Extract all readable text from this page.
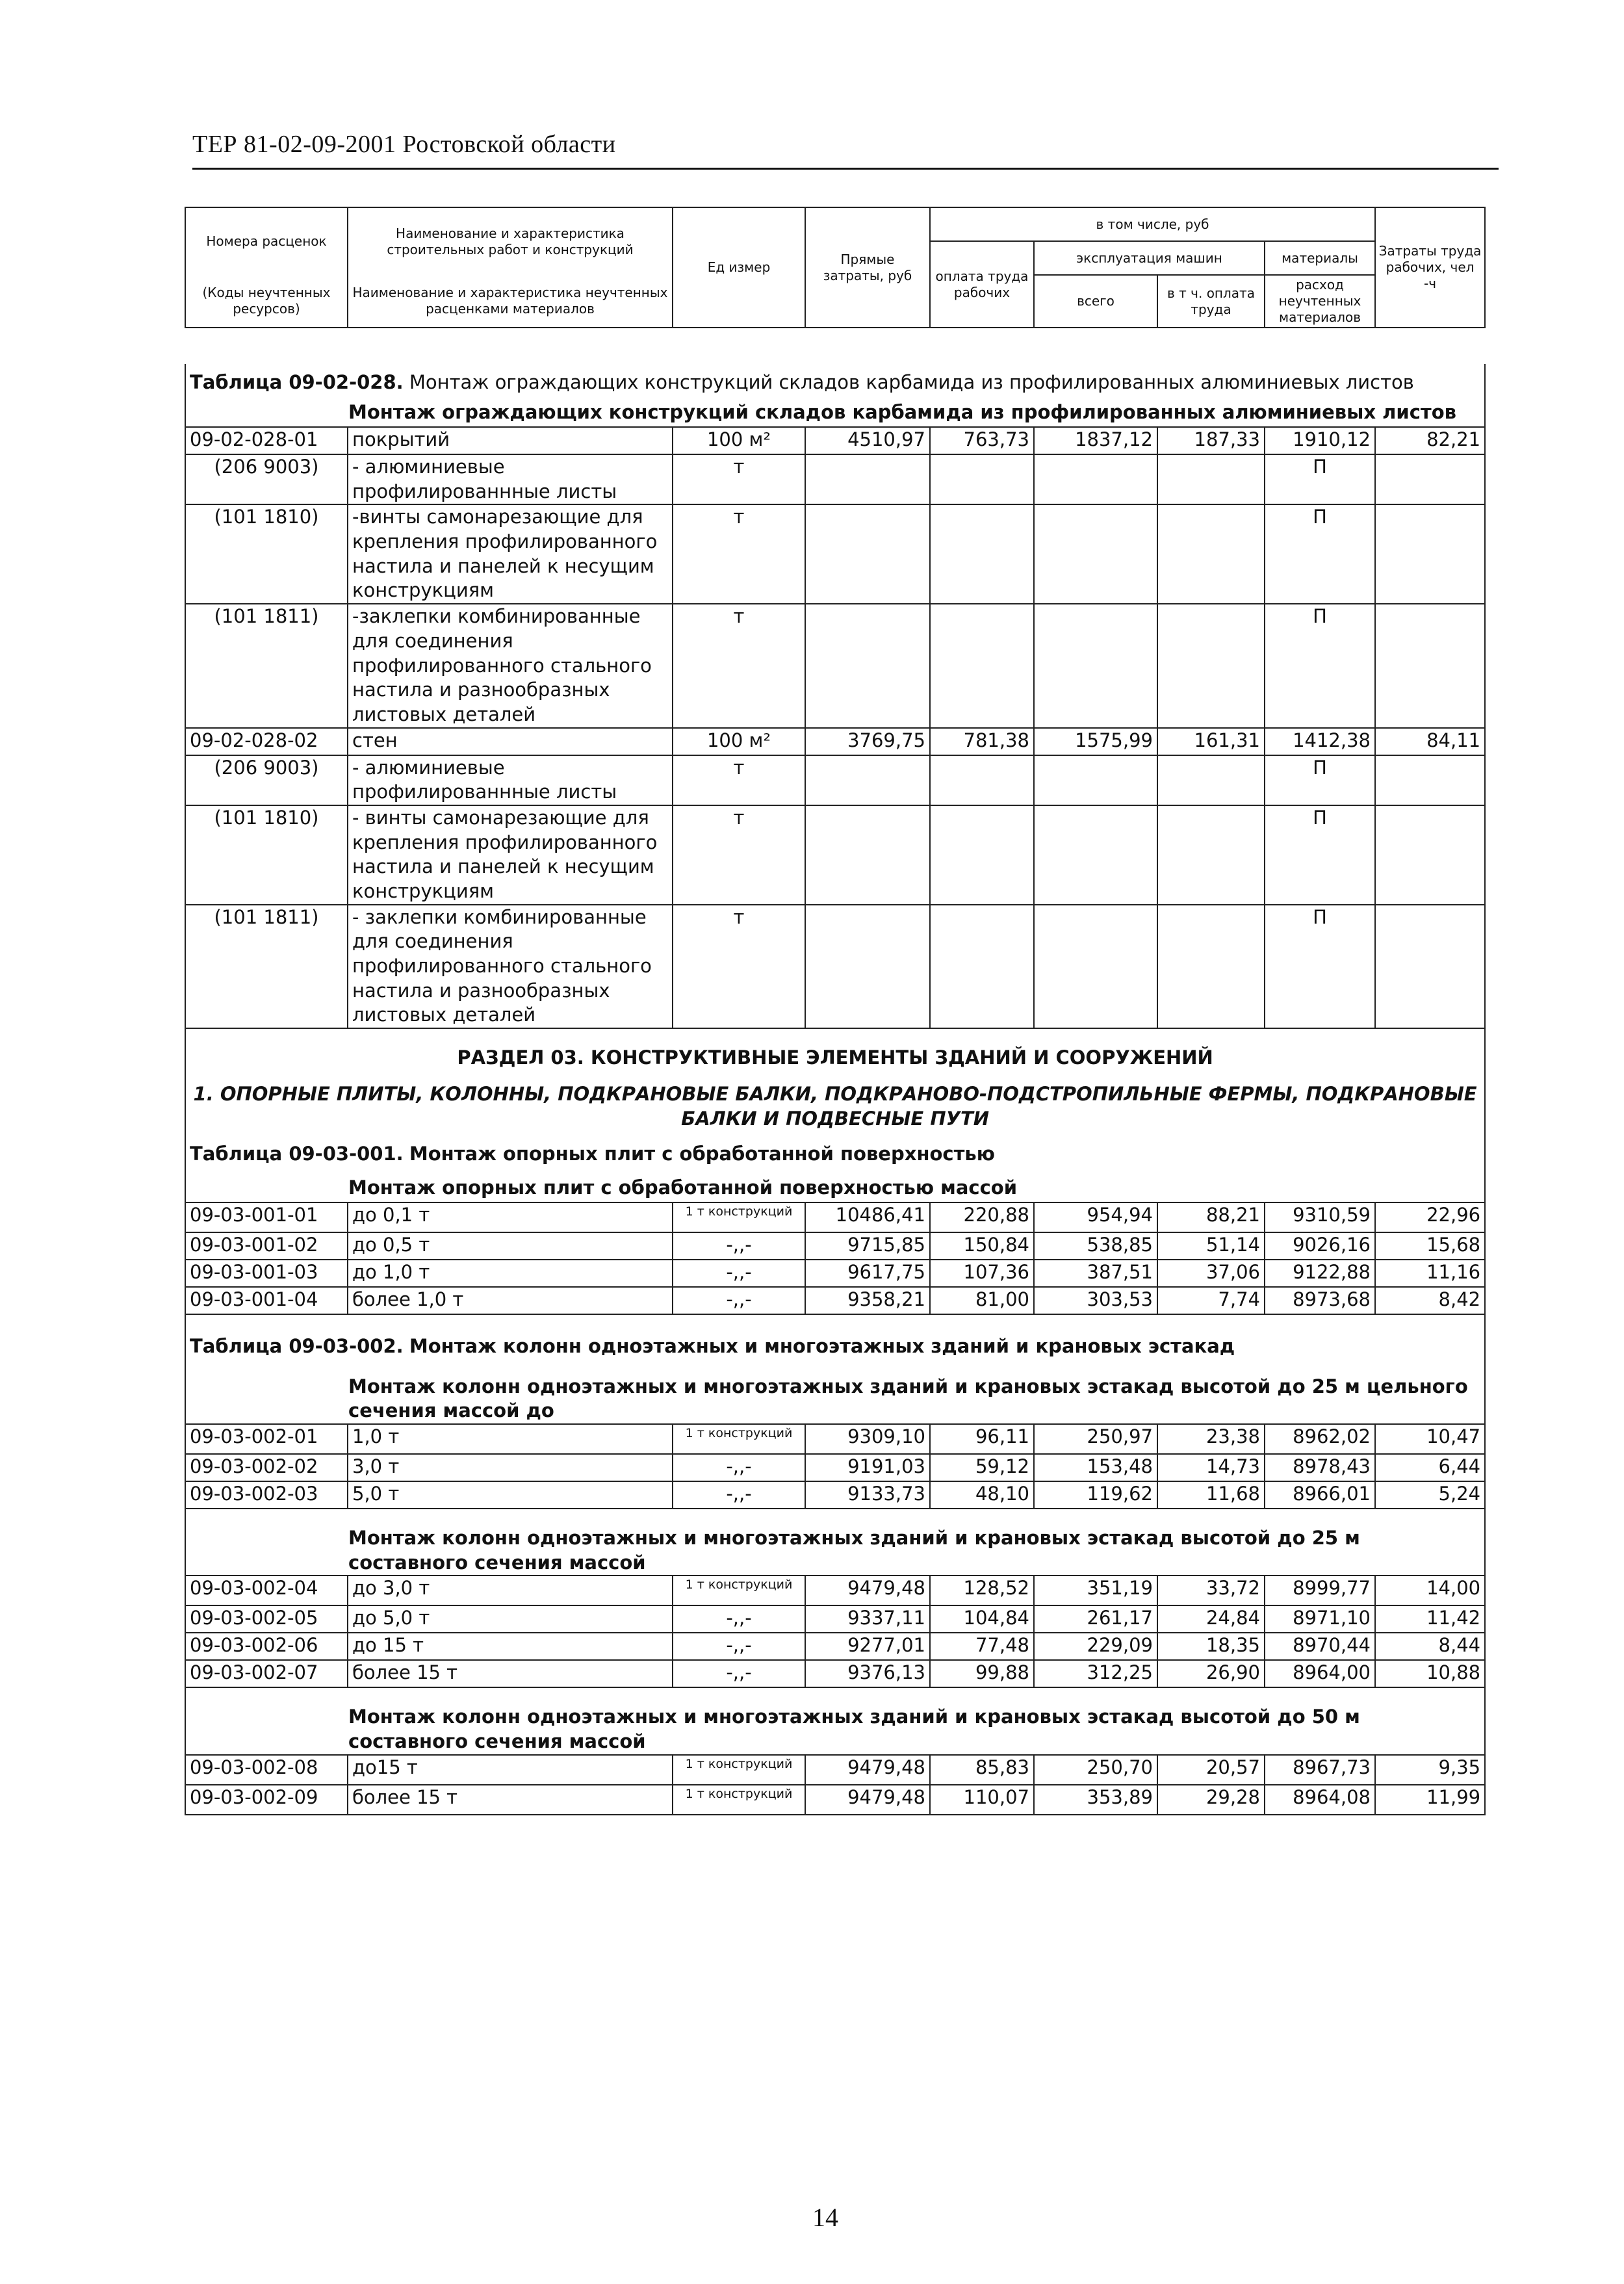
ТЕР 81-02-09-2001 Ростовской области
Номера расценок	Наименование и характеристика строительных работ и конструкций	Ед измер	Прямые затраты, руб	в том числе, руб				Затраты труда рабочих, чел -ч
				оплата труда рабочих	эксплуатация машин		материалы	
(Коды неучтенных ресурсов)	Наименование и характеристика неучтенных расценками материалов				всего	в т ч. оплата труда	расход неучтенных материалов	

Таблица 09-02-028. Монтаж ограждающих конструкций складов карбамида из профилированных алюминиевых листов								
Монтаж ограждающих конструкций складов карбамида из профилированных алюминиевых листов								
09-02-028-01	покрытий	100 м²	4510,97	763,73	1837,12	187,33	1910,12	82,21
(206 9003)	- алюминиевые профилированнные листы	т					П	
(101 1810)	-винты самонарезающие для крепления профилированного настила и панелей к несущим конструкциям	т					П	
(101 1811)	-заклепки комбинированные для соединения профилированного стального настила и разнообразных листовых деталей	т					П	
09-02-028-02	стен	100 м²	3769,75	781,38	1575,99	161,31	1412,38	84,11
(206 9003)	- алюминиевые профилированнные листы	т					П	
(101 1810)	- винты самонарезающие для крепления профилированного настила и панелей к несущим конструкциям	т					П	
(101 1811)	- заклепки комбинированные для соединения профилированного стального настила и разнообразных листовых деталей	т					П	
РАЗДЕЛ 03. КОНСТРУКТИВНЫЕ ЭЛЕМЕНТЫ ЗДАНИЙ И СООРУЖЕНИЙ								
1. ОПОРНЫЕ ПЛИТЫ, КОЛОННЫ, ПОДКРАНОВЫЕ БАЛКИ, ПОДКРАНОВО-ПОДСТРОПИЛЬНЫЕ ФЕРМЫ, ПОДКРАНОВЫЕ БАЛКИ И ПОДВЕСНЫЕ ПУТИ								
Таблица 09-03-001. Монтаж опорных плит с обработанной поверхностью								
Монтаж опорных плит с обработанной поверхностью массой								
09-03-001-01	до 0,1 т	1 т конструкций	10486,41	220,88	954,94	88,21	9310,59	22,96
09-03-001-02	до 0,5 т	-,,-	9715,85	150,84	538,85	51,14	9026,16	15,68
09-03-001-03	до 1,0 т	-,,-	9617,75	107,36	387,51	37,06	9122,88	11,16
09-03-001-04	более 1,0 т	-,,-	9358,21	81,00	303,53	7,74	8973,68	8,42
Таблица 09-03-002. Монтаж колонн одноэтажных и многоэтажных зданий и крановых эстакад								
Монтаж колонн одноэтажных и многоэтажных зданий и крановых эстакад высотой до 25 м цельного сечения массой до								
09-03-002-01	1,0 т	1 т конструкций	9309,10	96,11	250,97	23,38	8962,02	10,47
09-03-002-02	3,0 т	-,,-	9191,03	59,12	153,48	14,73	8978,43	6,44
09-03-002-03	5,0 т	-,,-	9133,73	48,10	119,62	11,68	8966,01	5,24
Монтаж колонн одноэтажных и многоэтажных зданий и крановых эстакад высотой до 25 м составного сечения массой								
09-03-002-04	до 3,0 т	1 т конструкций	9479,48	128,52	351,19	33,72	8999,77	14,00
09-03-002-05	до 5,0 т	-,,-	9337,11	104,84	261,17	24,84	8971,10	11,42
09-03-002-06	до 15 т	-,,-	9277,01	77,48	229,09	18,35	8970,44	8,44
09-03-002-07	более 15 т	-,,-	9376,13	99,88	312,25	26,90	8964,00	10,88
Монтаж колонн одноэтажных и многоэтажных зданий и крановых эстакад высотой до 50 м составного сечения массой								
09-03-002-08	до15 т	1 т конструкций	9479,48	85,83	250,70	20,57	8967,73	9,35
09-03-002-09	более 15 т	1 т конструкций	9479,48	110,07	353,89	29,28	8964,08	11,99
14
